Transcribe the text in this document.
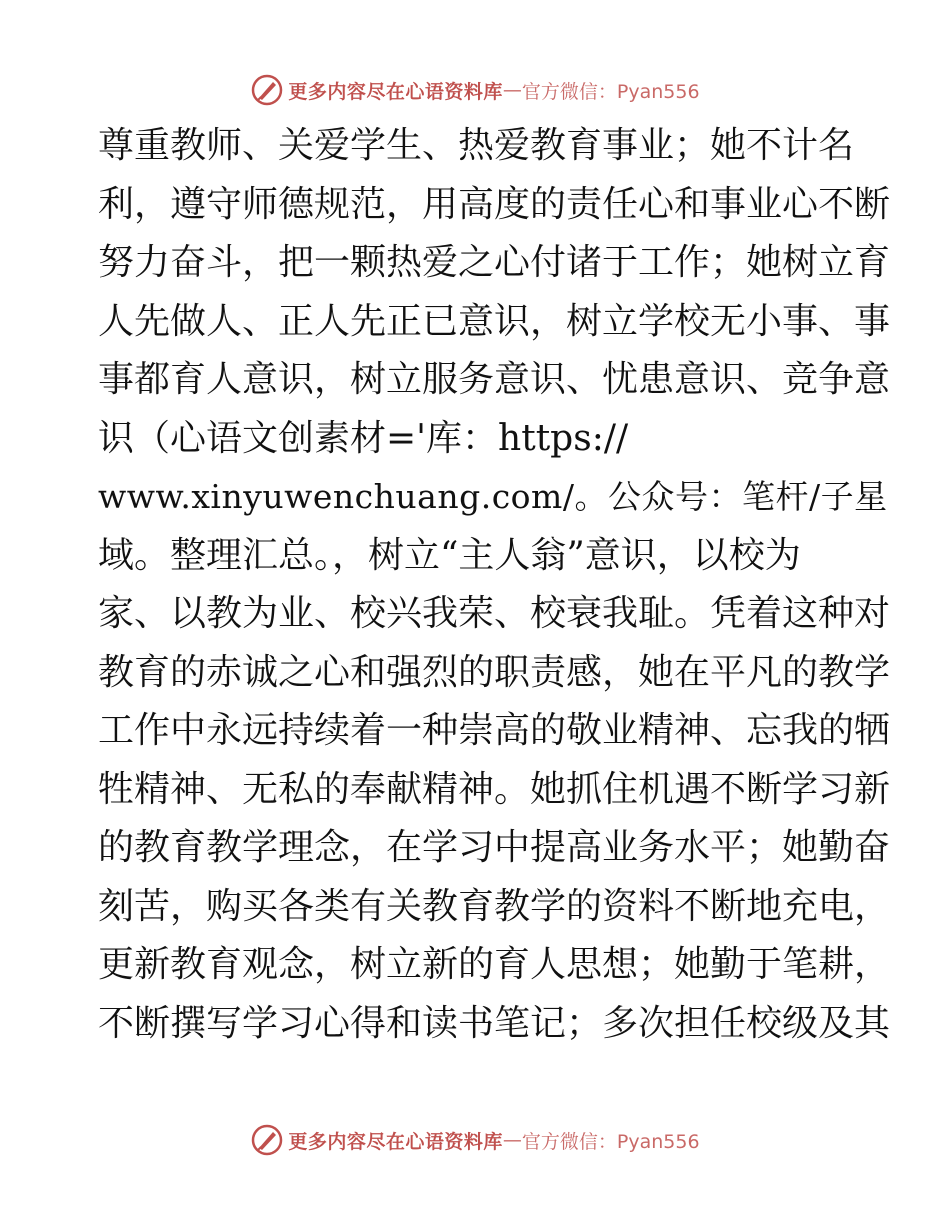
更多内容尽在心语资料库 — 官方微信：Pyan556
尊重教师、关爱学生、热爱教育事业；她不计名
利，遵守师德规范，用高度的责任心和事业心不断
努力奋斗，把一颗热爱之心付诸于工作；她树立育
人先做人、正人先正已意识，树立学校无小事、事
事都育人意识，树立服务意识、忧患意识、竞争意
识（心语文创素材='库：https://
www.xinyuwenchuang.com/。公众号：笔杆/子星
域。整理汇总。，树立“主人翁”意识，以校为
家、以教为业、校兴我荣、校衰我耻。凭着这种对
教育的赤诚之心和强烈的职责感，她在平凡的教学
工作中永远持续着一种崇高的敬业精神、忘我的牺
牲精神、无私的奉献精神。她抓住机遇不断学习新
的教育教学理念，在学习中提高业务水平；她勤奋
刻苦，购买各类有关教育教学的资料不断地充电，
更新教育观念，树立新的育人思想；她勤于笔耕，
不断撰写学习心得和读书笔记；多次担任校级及其
更多内容尽在心语资料库 — 官方微信：Pyan556
